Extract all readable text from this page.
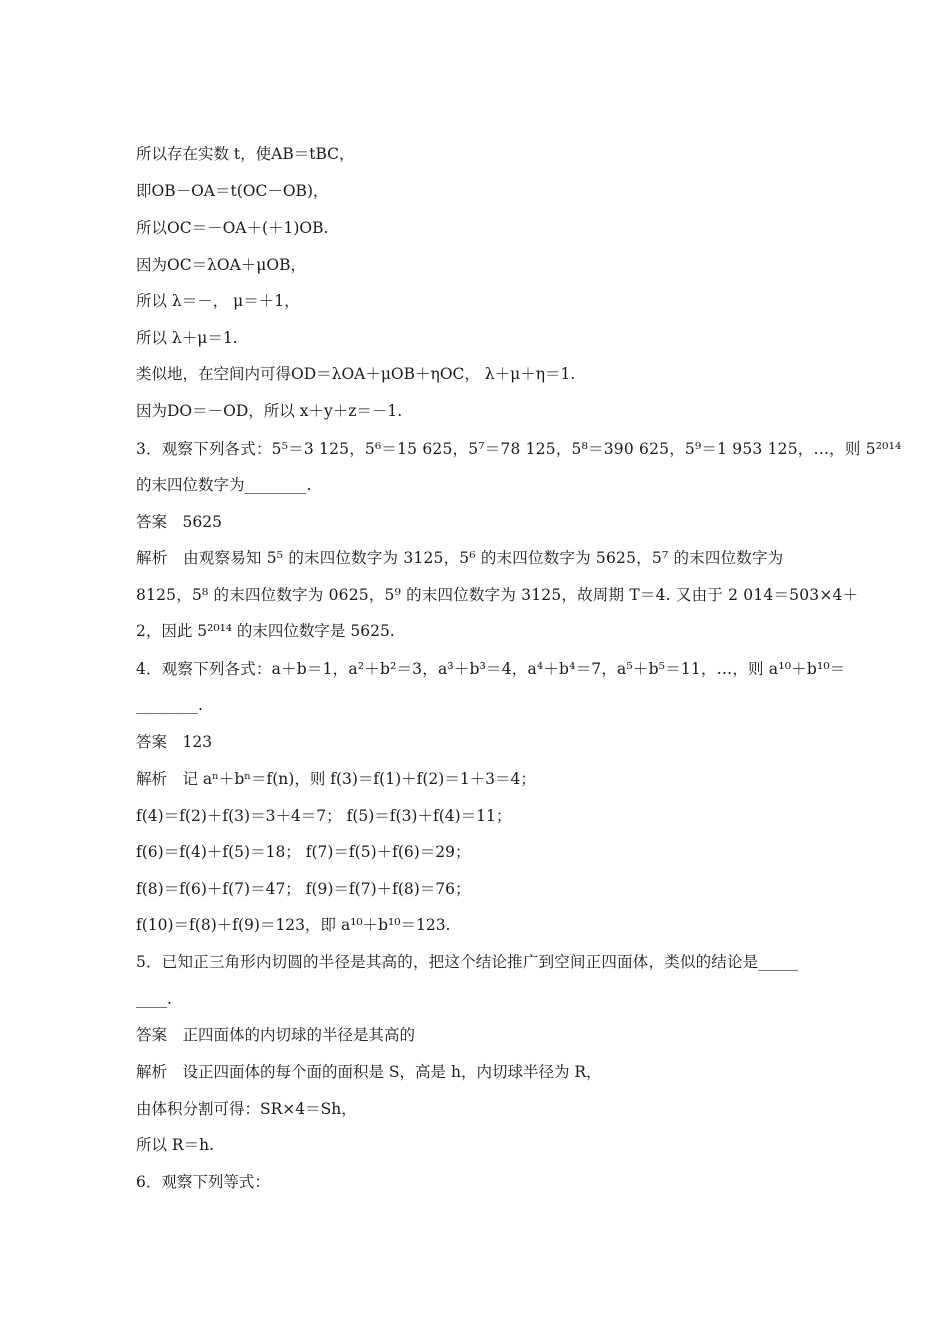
所以存在实数 t，使AB＝tBC，
即OB－OA＝t(OC－OB)，
所以OC＝－OA＋(＋1)OB.
因为OC＝λOA＋μOB，
所以 λ＝－， μ＝＋1，
所以 λ＋μ＝1.
类似地，在空间内可得OD＝λOA＋μOB＋ηOC， λ＋μ＋η＝1.
因为DO＝－OD，所以 x＋y＋z＝－1.
3．观察下列各式：5⁵＝3 125，5⁶＝15 625，5⁷＝78 125，5⁸＝390 625，5⁹＝1 953 125，…，则 5²⁰¹⁴
的末四位数字为________.
答案　5625
解析　由观察易知 5⁵ 的末四位数字为 3125，5⁶ 的末四位数字为 5625，5⁷ 的末四位数字为
8125，5⁸ 的末四位数字为 0625，5⁹ 的末四位数字为 3125，故周期 T＝4. 又由于 2 014＝503×4＋
2，因此 5²⁰¹⁴ 的末四位数字是 5625.
4．观察下列各式：a＋b＝1，a²＋b²＝3，a³＋b³＝4，a⁴＋b⁴＝7，a⁵＋b⁵＝11，…，则 a¹⁰＋b¹⁰＝
________.
答案　123
解析　记 aⁿ＋bⁿ＝f(n)，则 f(3)＝f(1)＋f(2)＝1＋3＝4；
f(4)＝f(2)＋f(3)＝3＋4＝7； f(5)＝f(3)＋f(4)＝11；
f(6)＝f(4)＋f(5)＝18； f(7)＝f(5)＋f(6)＝29；
f(8)＝f(6)＋f(7)＝47； f(9)＝f(7)＋f(8)＝76；
f(10)＝f(8)＋f(9)＝123，即 a¹⁰＋b¹⁰＝123.
5．已知正三角形内切圆的半径是其高的，把这个结论推广到空间正四面体，类似的结论是_____
____.
答案　正四面体的内切球的半径是其高的
解析　设正四面体的每个面的面积是 S，高是 h，内切球半径为 R，
由体积分割可得：SR×4＝Sh，
所以 R＝h.
6．观察下列等式：
